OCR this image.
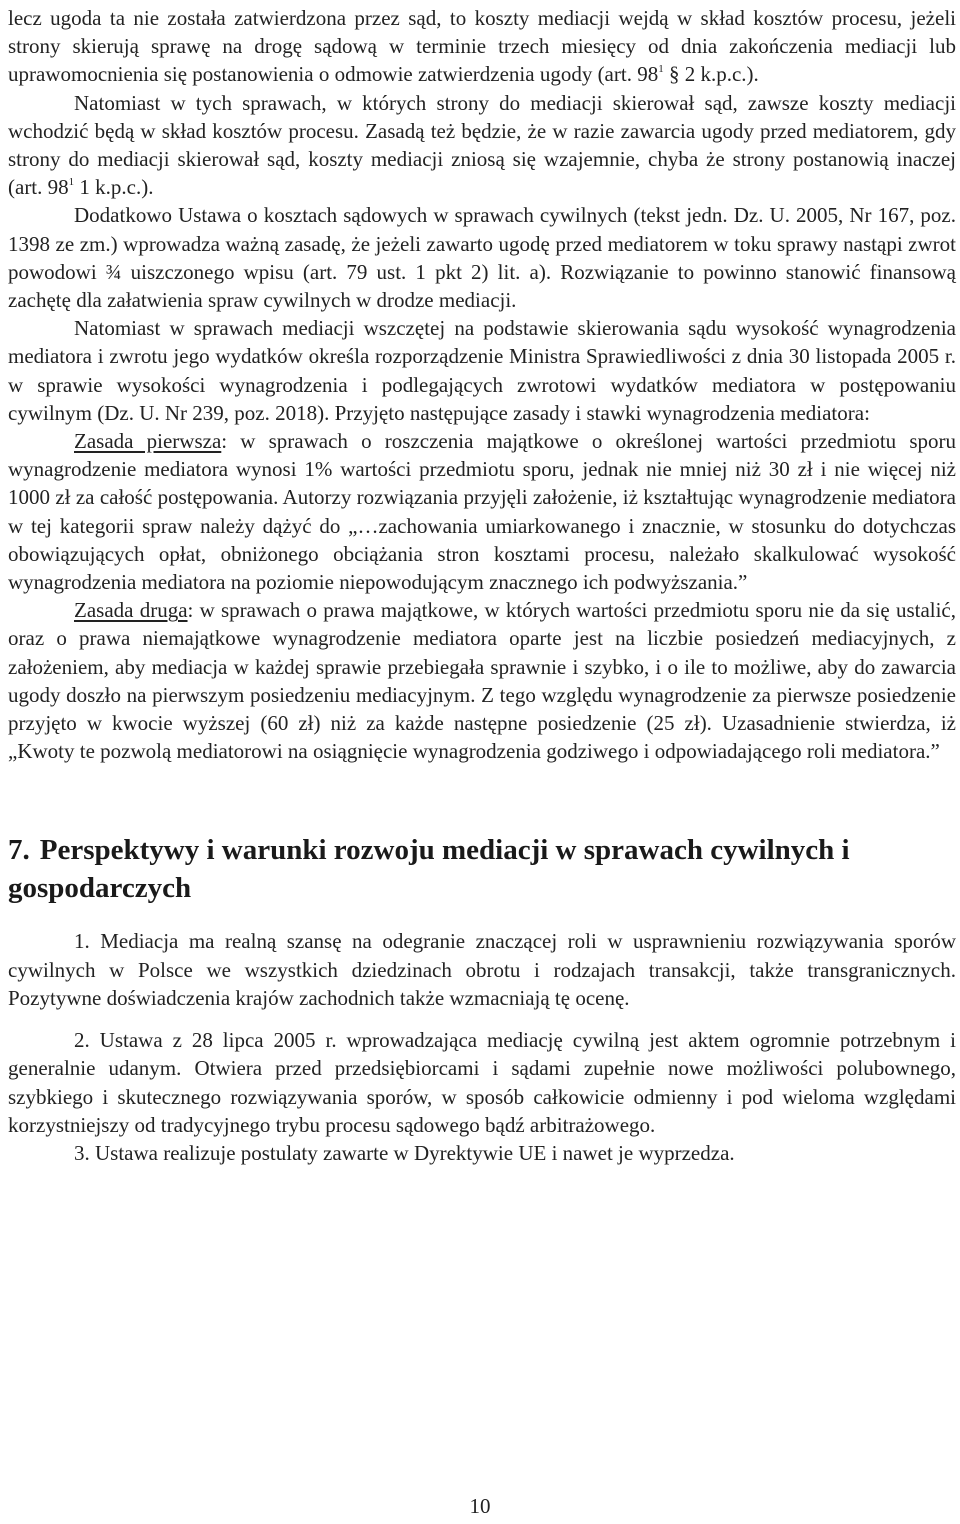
lecz ugoda ta nie została zatwierdzona przez sąd, to koszty mediacji wejdą w skład kosztów procesu, jeżeli strony skierują sprawę na drogę sądową w terminie trzech miesięcy od dnia zakończenia mediacji lub uprawomocnienia się postanowienia o odmowie zatwierdzenia ugody (art. $98^1$ § 2 k.p.c.).

Natomiast w tych sprawach, w których strony do mediacji skierował sąd, zawsze koszty mediacji wchodzić będą w skład kosztów procesu. Zasadą też będzie, że w razie zawarcia ugody przed mediatorem, gdy strony do mediacji skierował sąd, koszty mediacji zniosą się wzajemnie, chyba że strony postanowią inaczej (art. $98^1$ 1 k.p.c.).

Dodatkowo Ustawa o kosztach sądowych w sprawach cywilnych (tekst jedn. Dz. U. 2005, Nr 167, poz. 1398 ze zm.) wprowadza ważną zasadę, że jeżeli zawarto ugodę przed mediatorem w toku sprawy nastąpi zwrot powodowi ¾ uiszczonego wpisu (art. 79 ust. 1 pkt 2) lit. a). Rozwiązanie to powinno stanowić finansową zachętę dla załatwienia spraw cywilnych w drodze mediacji.

Natomiast w sprawach mediacji wszczętej na podstawie skierowania sądu wysokość wynagrodzenia mediatora i zwrotu jego wydatków określa rozporządzenie Ministra Sprawiedliwości z dnia 30 listopada 2005 r. w sprawie wysokości wynagrodzenia i podlegających zwrotowi wydatków mediatora w postępowaniu cywilnym (Dz. U. Nr 239, poz. 2018). Przyjęto następujące zasady i stawki wynagrodzenia mediatora:

Zasada pierwsza: w sprawach o roszczenia majątkowe o określonej wartości przedmiotu sporu wynagrodzenie mediatora wynosi 1% wartości przedmiotu sporu, jednak nie mniej niż 30 zł i nie więcej niż 1000 zł za całość postępowania. Autorzy rozwiązania przyjęli założenie, iż kształtując wynagrodzenie mediatora w tej kategorii spraw należy dążyć do „…zachowania umiarkowanego i znacznie, w stosunku do dotychczas obowiązujących opłat, obniżonego obciążania stron kosztami procesu, należało skalkulować wysokość wynagrodzenia mediatora na poziomie niepowodującym znacznego ich podwyższania.”

Zasada druga: w sprawach o prawa majątkowe, w których wartości przedmiotu sporu nie da się ustalić, oraz o prawa niemajątkowe wynagrodzenie mediatora oparte jest na liczbie posiedzeń mediacyjnych, z założeniem, aby mediacja w każdej sprawie przebiegała sprawnie i szybko, i o ile to możliwe, aby do zawarcia ugody doszło na pierwszym posiedzeniu mediacyjnym. Z tego względu wynagrodzenie za pierwsze posiedzenie przyjęto w kwocie wyższej (60 zł) niż za każde następne posiedzenie (25 zł). Uzasadnienie stwierdza, iż „Kwoty te pozwolą mediatorowi na osiągnięcie wynagrodzenia godziwego i odpowiadającego roli mediatora.”

7. Perspektywy i warunki rozwoju mediacji w sprawach cywilnych i gospodarczych

1. Mediacja ma realną szansę na odegranie znaczącej roli w usprawnieniu rozwiązywania sporów cywilnych w Polsce we wszystkich dziedzinach obrotu i rodzajach transakcji, także transgranicznych. Pozytywne doświadczenia krajów zachodnich także wzmacniają tę ocenę.

2. Ustawa z 28 lipca 2005 r. wprowadzająca mediację cywilną jest aktem ogromnie potrzebnym i generalnie udanym. Otwiera przed przedsiębiorcami i sądami zupełnie nowe możliwości polubownego, szybkiego i skutecznego rozwiązywania sporów, w sposób całkowicie odmienny i pod wieloma względami korzystniejszy od tradycyjnego trybu procesu sądowego bądź arbitrażowego.

3. Ustawa realizuje postulaty zawarte w Dyrektywie UE i nawet je wyprzedza.

10
